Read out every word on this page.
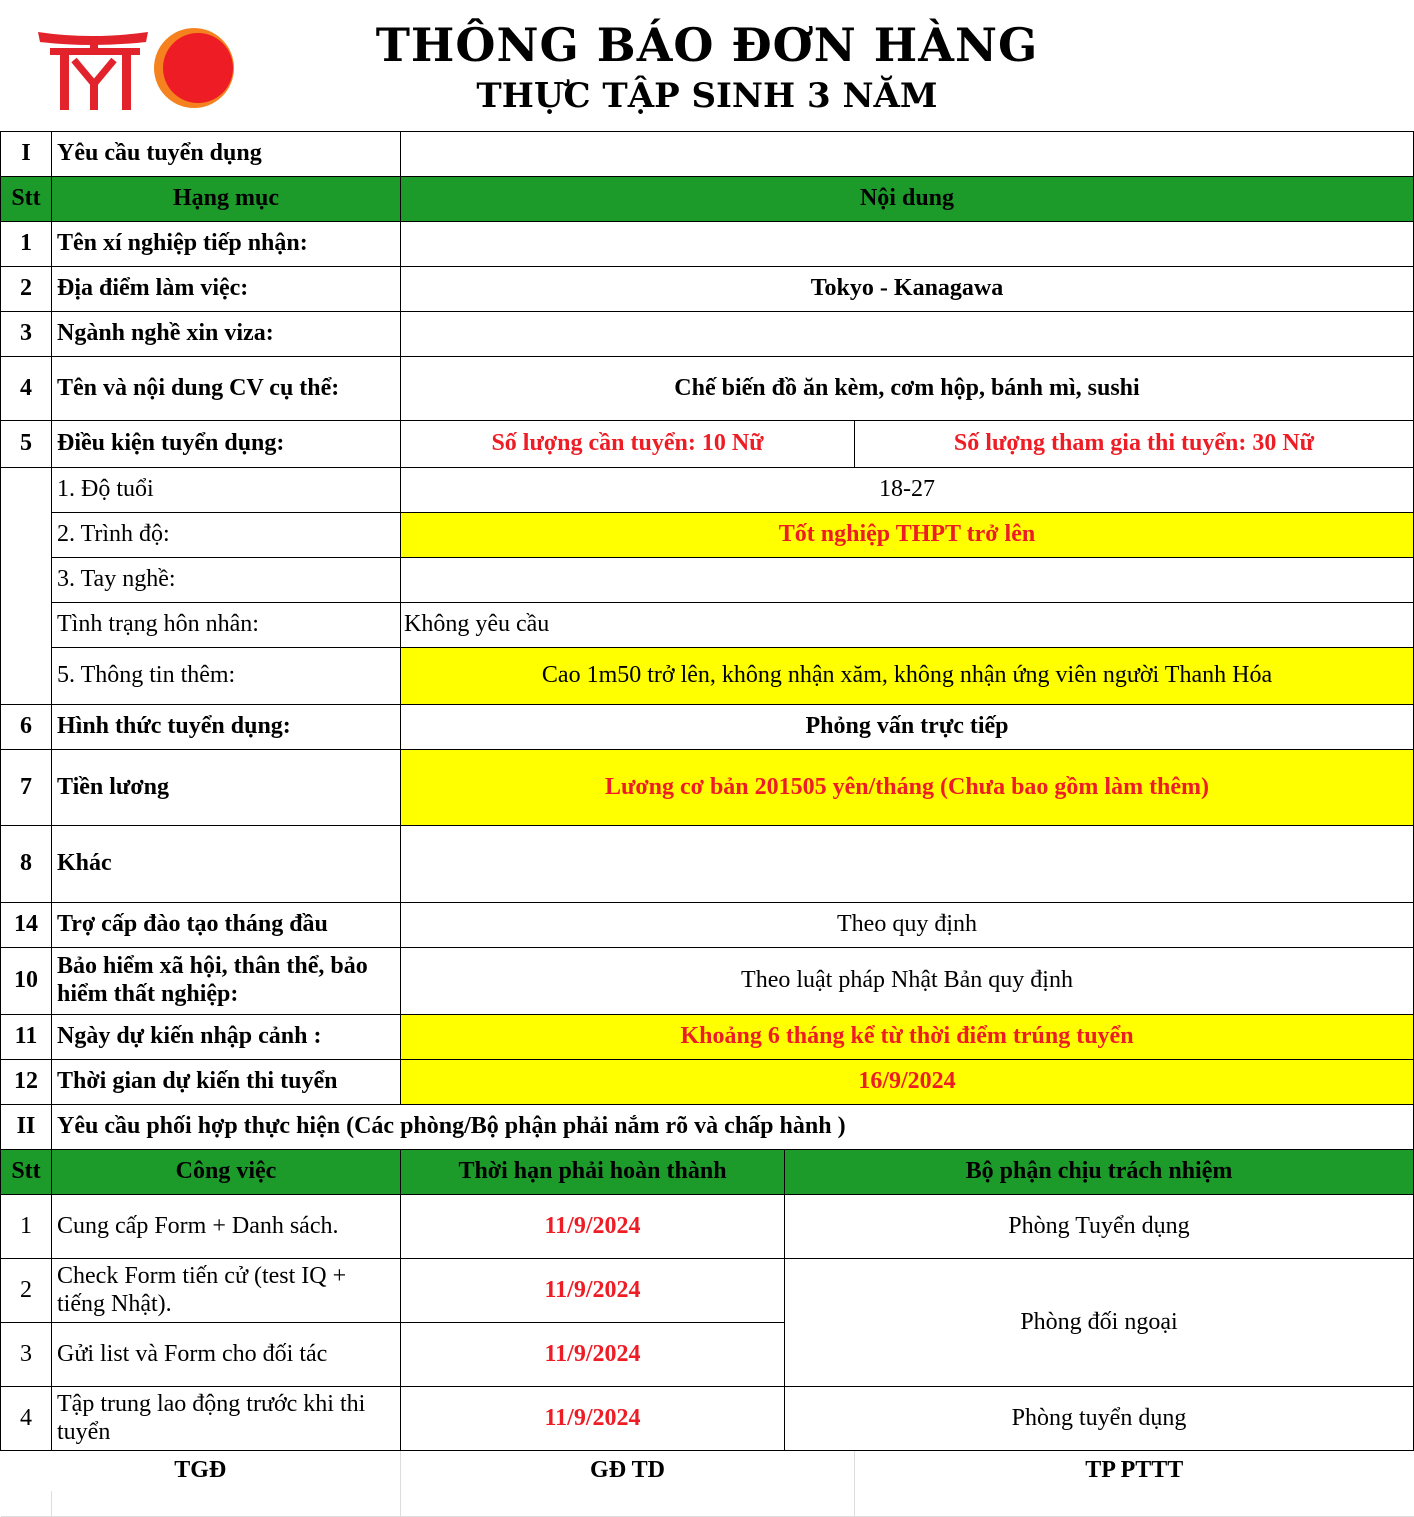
THÔNG BÁO ĐƠN HÀNG
THỰC TẬP SINH 3 NĂM
I	Yêu cầu tuyển dụng			
Stt	Hạng mục	Nội dung		
1	Tên xí nghiệp tiếp nhận:			
2	Địa điểm làm việc:	Tokyo - Kanagawa		
3	Ngành nghề xin viza:			
4	Tên và nội dung CV cụ thể:	Chế biến đồ ăn kèm, cơm hộp, bánh mì, sushi		
5	Điều kiện tuyển dụng:	Số lượng cần tuyển: 10 Nữ		Số lượng tham gia thi tuyển: 30 Nữ
	1. Độ tuổi	18-27		
	2. Trình độ:	Tốt nghiệp THPT trở lên		
	3. Tay nghề:			
	Tình trạng hôn nhân:	Không yêu cầu		
	5. Thông tin thêm:	Cao 1m50 trở lên, không nhận xăm, không nhận ứng viên người Thanh Hóa		
6	Hình thức tuyển dụng:	Phỏng vấn trực tiếp		
7	Tiền lương	Lương cơ bản 201505 yên/tháng (Chưa bao gồm làm thêm)		
8	Khác			
14	Trợ cấp đào tạo tháng đầu	Theo quy định		
10	Bảo hiểm xã hội, thân thể, bảo hiểm thất nghiệp:	Theo luật pháp Nhật Bản quy định		
11	Ngày dự kiến nhập cảnh :	Khoảng 6 tháng kể từ thời điểm trúng tuyển		
12	Thời gian dự kiến thi tuyển	16/9/2024		
II	Yêu cầu phối hợp thực hiện (Các phòng/Bộ phận phải nắm rõ và chấp hành )			
Stt	Công việc	Thời hạn phải hoàn thành	Bộ phận chịu trách nhiệm	
1	Cung cấp Form + Danh sách.	11/9/2024	Phòng Tuyển dụng	
2	Check Form tiến cử (test IQ + tiếng Nhật).	11/9/2024	Phòng đối ngoại	
3	Gửi list và Form cho đối tác	11/9/2024		
4	Tập trung lao động trước khi thi tuyển	11/9/2024	Phòng tuyển dụng	
TGĐ		GĐ TD		TP PTTT
